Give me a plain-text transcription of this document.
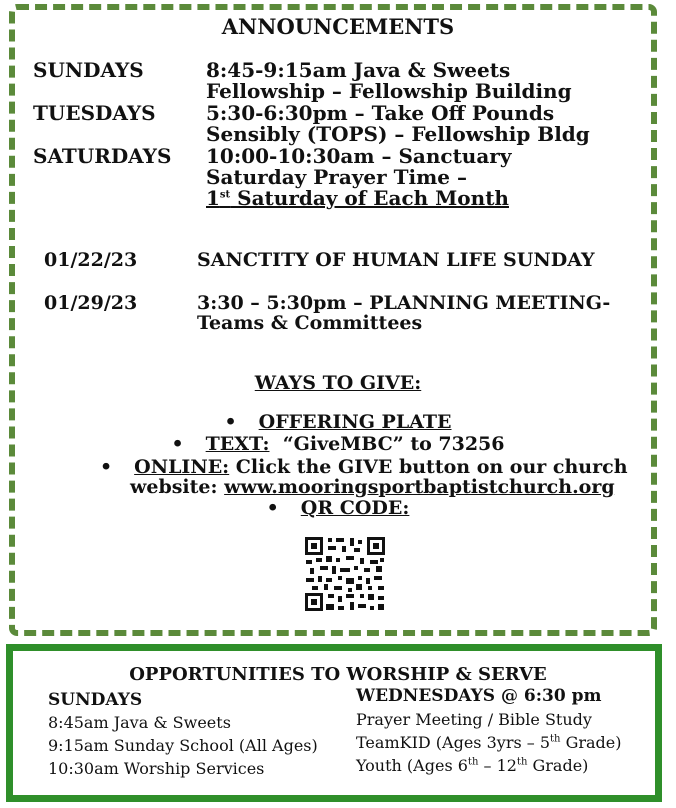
ANNOUNCEMENTS
SUNDAYS	8:45-9:15am Java & Sweets
Fellowship – Fellowship Building
TUESDAYS	5:30-6:30pm – Take Off Pounds
Sensibly (TOPS) – Fellowship Bldg
SATURDAYS 10:00-10:30am – Sanctuary
Saturday Prayer Time –
1st Saturday of Each Month
01/22/23	SANCTITY OF HUMAN LIFE SUNDAY
01/29/23	3:30 – 5:30pm – PLANNING MEETING-
Teams & Committees
WAYS TO GIVE:
• OFFERING PLATE
• TEXT:  “GiveMBC” to 73256
• ONLINE: Click the GIVE button on our church
website: www.mooringsportbaptistchurch.org
• QR CODE:
OPPORTUNITIES TO WORSHIP & SERVE
SUNDAYS
8:45am Java & Sweets
9:15am Sunday School (All Ages)
10:30am Worship Services
WEDNESDAYS @ 6:30 pm
Prayer Meeting / Bible Study
TeamKID (Ages 3yrs – 5th Grade)
Youth (Ages 6th – 12th Grade)
